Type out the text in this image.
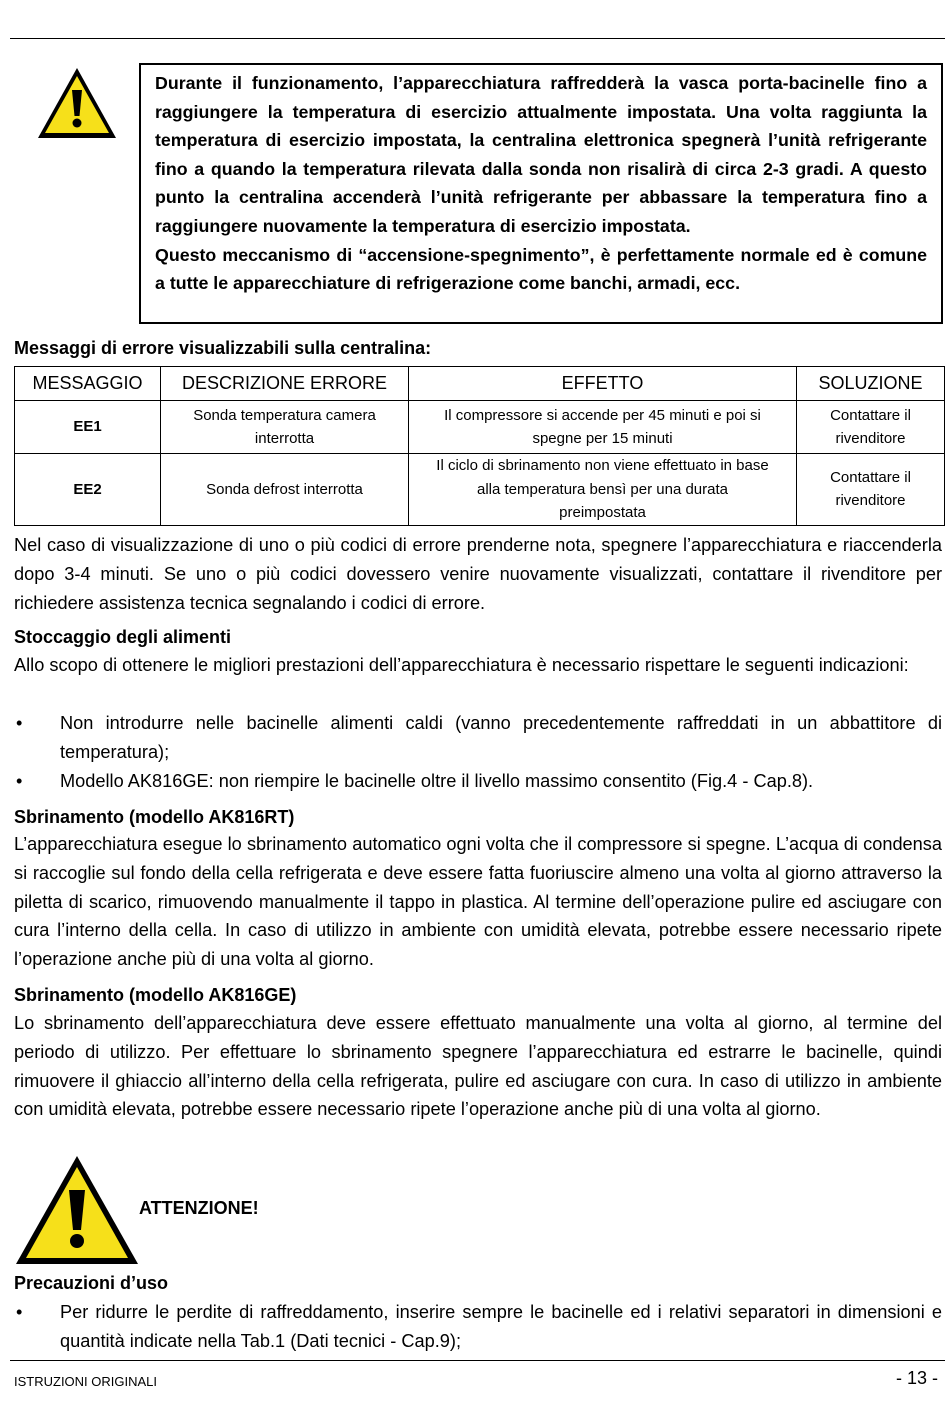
Durante il funzionamento, l’apparecchiatura raffredderà la vasca porta-bacinelle fino a raggiungere la temperatura di esercizio attualmente impostata. Una volta raggiunta la temperatura di esercizio impostata, la centralina elettronica spegnerà l’unità refrigerante fino a quando la temperatura rilevata dalla sonda non risalirà di circa 2-3 gradi. A questo punto la centralina accenderà l’unità refrigerante per abbassare la temperatura fino a raggiungere nuovamente la temperatura di esercizio impostata.

Questo meccanismo di “accensione-spegnimento”, è perfettamente normale ed è comune a tutte le apparecchiature di refrigerazione come banchi, armadi, ecc.

Messaggi di errore visualizzabili sulla centralina:
MESSAGGIO	DESCRIZIONE ERRORE	EFFETTO	SOLUZIONE
EE1	Sonda temperatura camera interrotta	Il compressore si accende per 45 minuti e poi si spegne per 15 minuti	Contattare il rivenditore
EE2	Sonda defrost interrotta	Il ciclo di sbrinamento non viene effettuato in base alla temperatura bensì per una durata preimpostata	Contattare il rivenditore
Nel caso di visualizzazione di uno o più codici di errore prenderne nota, spegnere l’apparecchiatura e riaccenderla dopo 3-4 minuti. Se uno o più codici dovessero venire nuovamente visualizzati, contattare il rivenditore per richiedere assistenza tecnica segnalando i codici di errore.
Stoccaggio degli alimenti
Allo scopo di ottenere le migliori prestazioni dell’apparecchiatura è necessario rispettare le seguenti indicazioni:
• Non introdurre nelle bacinelle alimenti caldi (vanno precedentemente raffreddati in un abbattitore di temperatura);
• Modello AK816GE: non riempire le bacinelle oltre il livello massimo consentito (Fig.4 - Cap.8).
Sbrinamento (modello AK816RT)
L’apparecchiatura esegue lo sbrinamento automatico ogni volta che il compressore si spegne. L’acqua di condensa si raccoglie sul fondo della cella refrigerata e deve essere fatta fuoriuscire almeno una volta al giorno attraverso la piletta di scarico, rimuovendo manualmente il tappo in plastica. Al termine dell’operazione pulire ed asciugare con cura l’interno della cella. In caso di utilizzo in ambiente con umidità elevata, potrebbe essere necessario ripete l’operazione anche più di una volta al giorno.
Sbrinamento (modello AK816GE)
Lo sbrinamento dell’apparecchiatura deve essere effettuato manualmente una volta al giorno, al termine del periodo di utilizzo. Per effettuare lo sbrinamento spegnere l’apparecchiatura ed estrarre le bacinelle, quindi rimuovere il ghiaccio all’interno della cella refrigerata, pulire ed asciugare con cura. In caso di utilizzo in ambiente con umidità elevata, potrebbe essere necessario ripete l’operazione anche più di una volta al giorno.
ATTENZIONE!
Precauzioni d’uso
• Per ridurre le perdite di raffreddamento, inserire sempre le bacinelle ed i relativi separatori in dimensioni e quantità indicate nella Tab.1 (Dati tecnici - Cap.9);
ISTRUZIONI ORIGINALI	- 13 -
